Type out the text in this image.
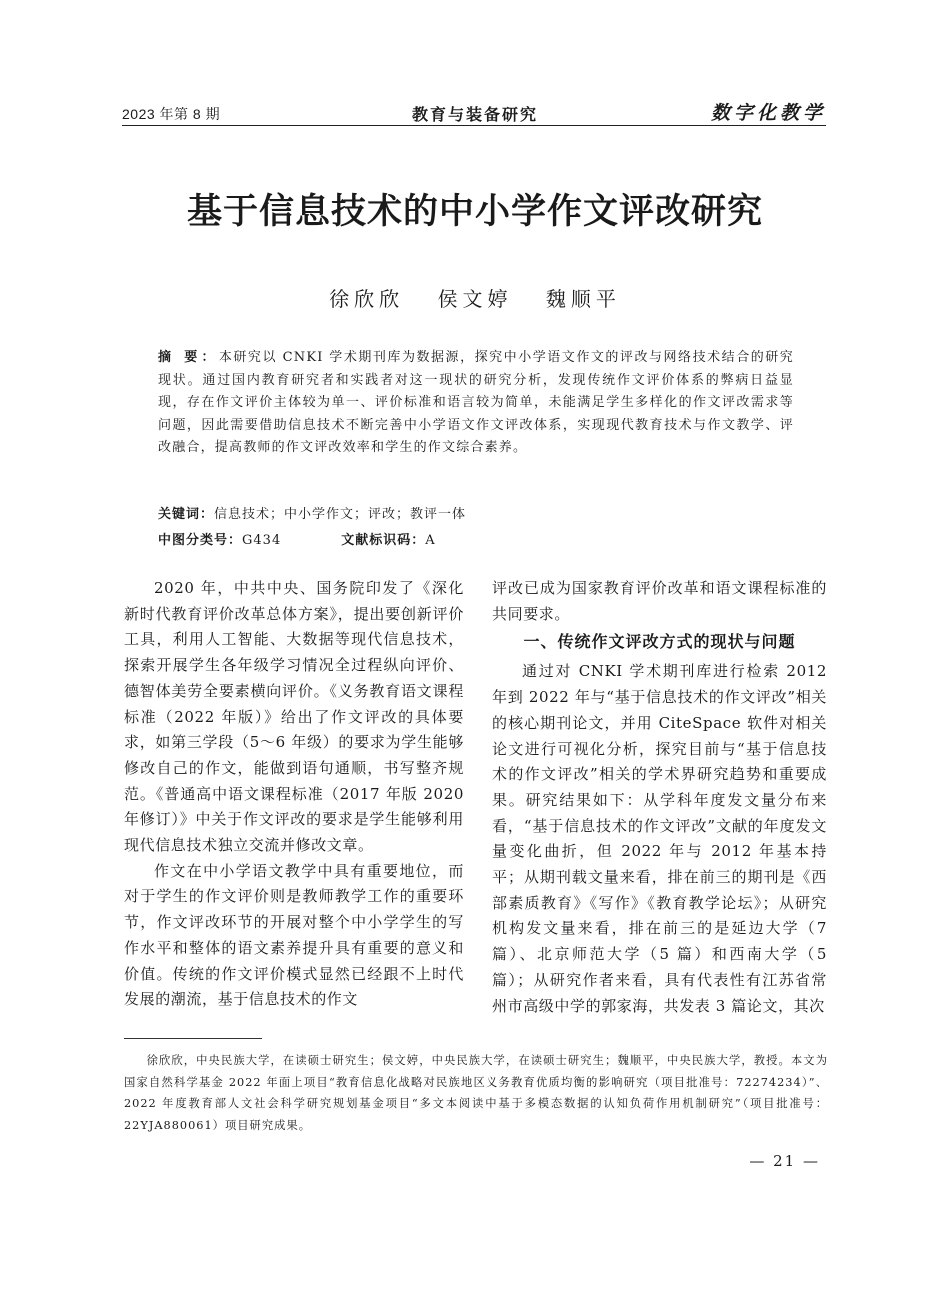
2023 年第 8 期	教育与装备研究	数字化教学
基于信息技术的中小学作文评改研究
徐欣欣 侯文婷 魏顺平
摘 要：本研究以 CNKI 学术期刊库为数据源，探究中小学语文作文的评改与网络技术结合的研究现状。通过国内教育研究者和实践者对这一现状的研究分析，发现传统作文评价体系的弊病日益显现，存在作文评价主体较为单一、评价标准和语言较为简单，未能满足学生多样化的作文评改需求等问题，因此需要借助信息技术不断完善中小学语文作文评改体系，实现现代教育技术与作文教学、评改融合，提高教师的作文评改效率和学生的作文综合素养。
关键词：信息技术；中小学作文；评改；教评一体
中图分类号：G434	文献标识码：A

2020 年，中共中央、国务院印发了《深化新时代教育评价改革总体方案》，提出要创新评价工具，利用人工智能、大数据等现代信息技术，探索开展学生各年级学习情况全过程纵向评价、德智体美劳全要素横向评价。《义务教育语文课程标准（2022 年版）》给出了作文评改的具体要求，如第三学段（5～6 年级）的要求为学生能够修改自己的作文，能做到语句通顺，书写整齐规范。《普通高中语文课程标准（2017 年版 2020 年修订）》中关于作文评改的要求是学生能够利用现代信息技术独立交流并修改文章。

作文在中小学语文教学中具有重要地位，而对于学生的作文评价则是教师教学工作的重要环节，作文评改环节的开展对整个中小学学生的写作水平和整体的语文素养提升具有重要的意义和价值。传统的作文评价模式显然已经跟不上时代发展的潮流，基于信息技术的作文

评改已成为国家教育评价改革和语文课程标准的共同要求。

一、传统作文评改方式的现状与问题

通过对 CNKI 学术期刊库进行检索 2012 年到 2022 年与“基于信息技术的作文评改”相关的核心期刊论文，并用 CiteSpace 软件对相关论文进行可视化分析，探究目前与“基于信息技术的作文评改”相关的学术界研究趋势和重要成果。研究结果如下：从学科年度发文量分布来看，“基于信息技术的作文评改”文献的年度发文量变化曲折，但 2022 年与 2012 年基本持平；从期刊载文量来看，排在前三的期刊是《西部素质教育》《写作》《教育教学论坛》；从研究机构发文量来看，排在前三的是延边大学（7 篇）、北京师范大学（5 篇）和西南大学（5 篇）；从研究作者来看，具有代表性有江苏省常州市高级中学的郭家海，共发表 3 篇论文，其次

徐欣欣，中央民族大学，在读硕士研究生；侯文婷，中央民族大学，在读硕士研究生；魏顺平，中央民族大学，教授。本文为国家自然科学基金 2022 年面上项目“教育信息化战略对民族地区义务教育优质均衡的影响研究（项目批准号：72274234）”、2022 年度教育部人文社会科学研究规划基金项目“多文本阅读中基于多模态数据的认知负荷作用机制研究”（项目批准号：22YJA880061）项目研究成果。
— 21 —
